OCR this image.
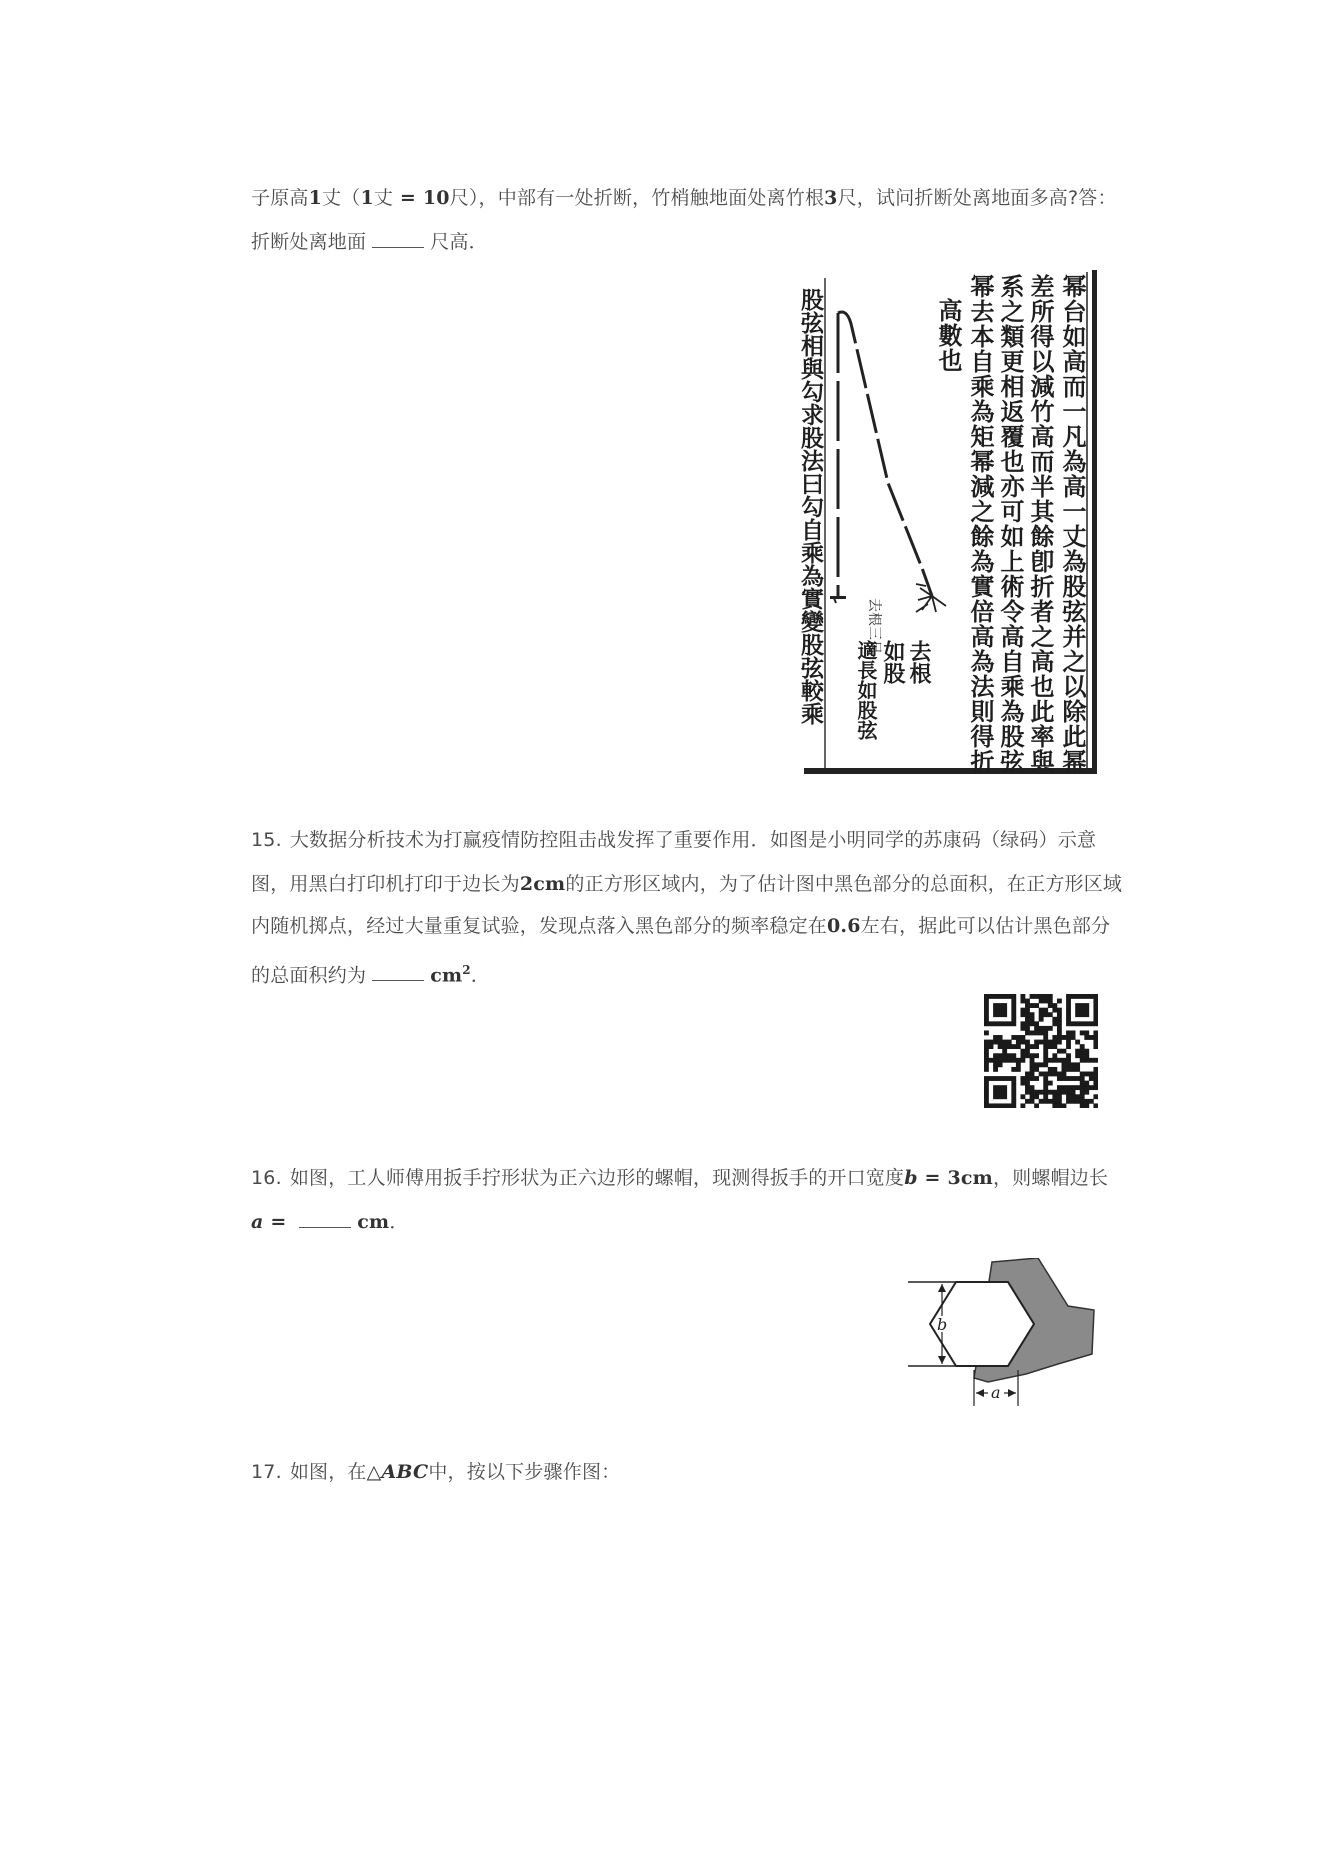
子原高1丈（1丈 = 10尺），中部有一处折断，竹梢触地面处离竹根3尺，试问折断处离地面多高?答：
折断处离地面	尺高．
去根三尺	幂台如高而一凡為高一丈為股弦并之以除此幂
差所得以減竹高而半其餘卽折者之高也此率與
系之類更相返覆也亦可如上術令高自乘為股弦
幂去本自乘為矩幂減之餘為實倍高為法則得折
高數也
去根
如股
適長如股弦
股弦相與勾求股法曰勾自乘為實變股弦較乘
15. 大数据分析技术为打赢疫情防控阻击战发挥了重要作用．如图是小明同学的苏康码（绿码）示意
图，用黑白打印机打印于边长为2cm的正方形区域内，为了估计图中黑色部分的总面积，在正方形区域
内随机掷点，经过大量重复试验，发现点落入黑色部分的频率稳定在0.6左右，据此可以估计黑色部分
的总面积约为	$cm^2$．
16. 如图，工人师傅用扳手拧形状为正六边形的螺帽，现测得扳手的开口宽度b = 3cm，则螺帽边长
a =	cm．
b
a
17. 如图，在△ABC中，按以下步骤作图：
